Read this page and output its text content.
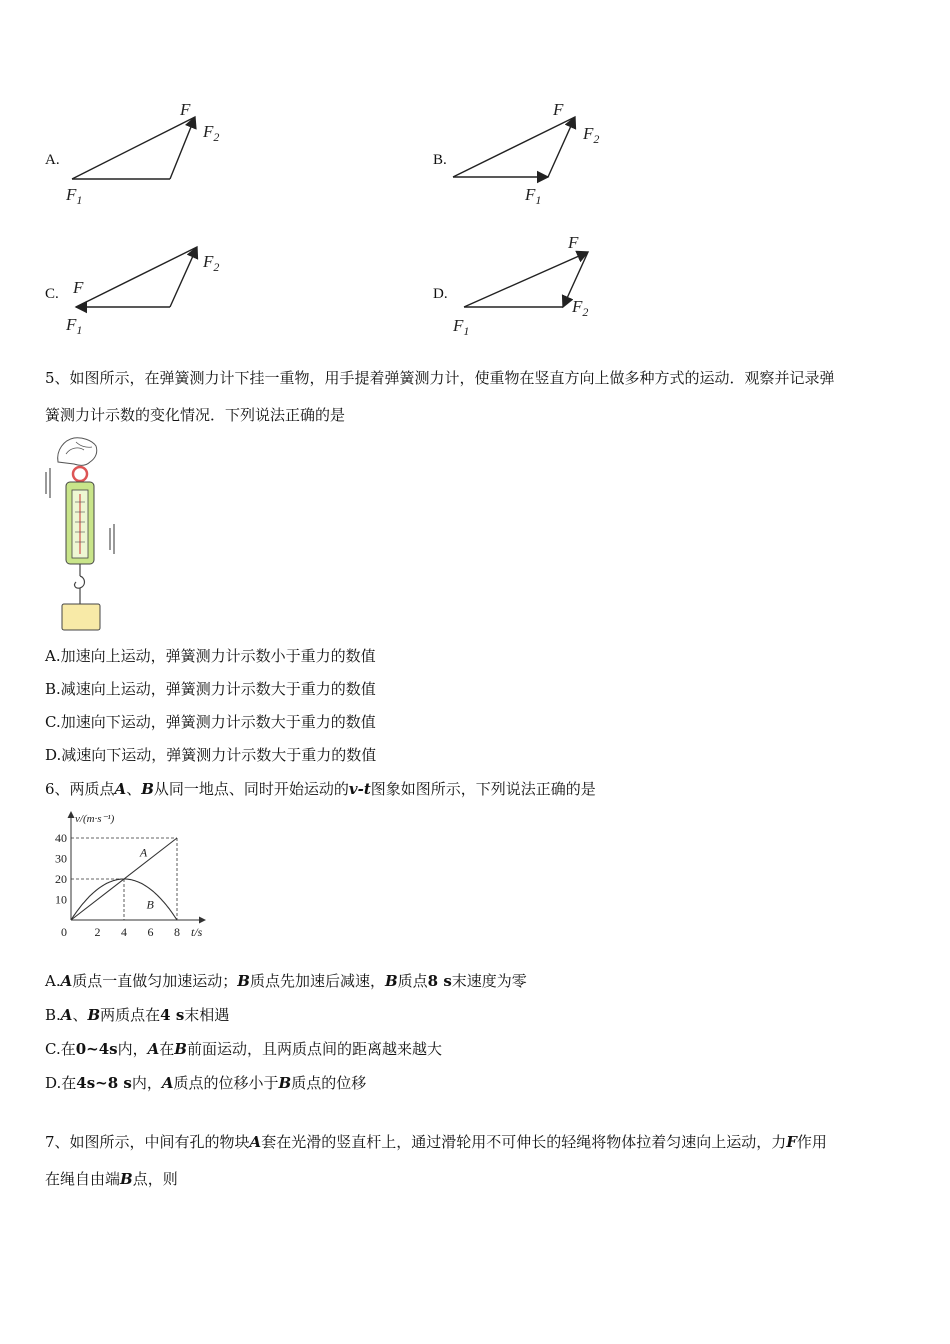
A.
F
$F_2$
$F_1$
B.
F
$F_2$
$F_1$
C. F
$F_2$
$F_1$
D.
F
$F_2$
$F_1$
5、如图所示，在弹簧测力计下挂一重物，用手提着弹簧测力计，使重物在竖直方向上做多种方式的运动．观察并记录弹
簧测力计示数的变化情况．下列说法正确的是
A.加速向上运动，弹簧测力计示数小于重力的数值
B.减速向上运动，弹簧测力计示数大于重力的数值
C.加速向下运动，弹簧测力计示数大于重力的数值
D.减速向下运动，弹簧测力计示数大于重力的数值
6、两质点A、B从同一地点、同时开始运动的v-t图象如图所示，下列说法正确的是
2 4 6 8
10
20
30
40
0
v/(m·s⁻¹)
t/s
A
B
A.A质点一直做匀加速运动；B质点先加速后减速，B质点8 s末速度为零
B.A、B两质点在4 s末相遇
C.在0~4s内，A在B前面运动，且两质点间的距离越来越大
D.在4s~8 s内，A质点的位移小于B质点的位移
7、如图所示，中间有孔的物块A套在光滑的竖直杆上，通过滑轮用不可伸长的轻绳将物体拉着匀速向上运动，力F作用
在绳自由端B点，则
